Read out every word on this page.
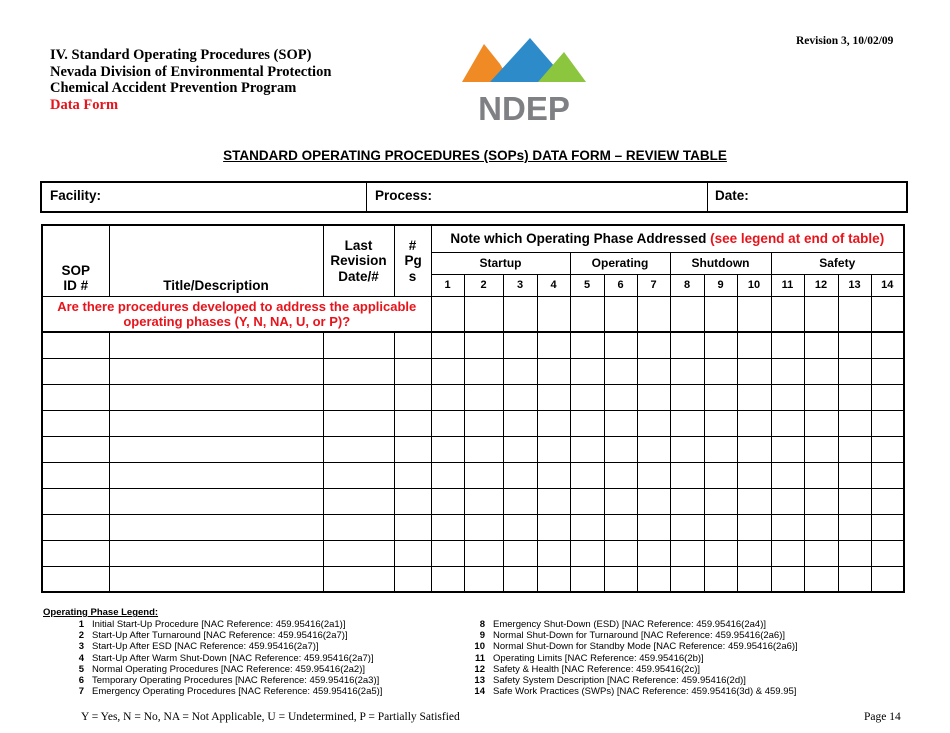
Revision 3, 10/02/09
IV. Standard Operating Procedures (SOP)
Nevada Division of Environmental Protection
Chemical Accident Prevention Program
Data Form	NDEP
STANDARD OPERATING PROCEDURES (SOPs) DATA FORM – REVIEW TABLE
Facility:	Process:	Date:
SOP ID #	Title/Description	Last Revision Date/#	# Pg s	Note which Operating Phase Addressed (see legend at end of table)													
				Startup				Operating			Shutdown			Safety			
				1	2	3	4	5	6	7	8	9	10	11	12	13	14

Are there procedures developed to address the applicable operating phases (Y, N, NA, U, or P)?																	

Operating Phase Legend:
1 Initial Start-Up Procedure [NAC Reference: 459.95416(2a1)]
2 Start-Up After Turnaround [NAC Reference: 459.95416(2a7)]
3 Start-Up After ESD [NAC Reference: 459.95416(2a7)]
4 Start-Up After Warm Shut-Down [NAC Reference: 459.95416(2a7)]
5 Normal Operating Procedures [NAC Reference: 459.95416(2a2)]
6 Temporary Operating Procedures [NAC Reference: 459.95416(2a3)]
7 Emergency Operating Procedures [NAC Reference: 459.95416(2a5)]
8 Emergency Shut-Down (ESD) [NAC Reference: 459.95416(2a4)]
9 Normal Shut-Down for Turnaround [NAC Reference: 459.95416(2a6)]
10 Normal Shut-Down for Standby Mode [NAC Reference: 459.95416(2a6)]
11 Operating Limits [NAC Reference: 459.95416(2b)]
12 Safety & Health [NAC Reference: 459.95416(2c)]
13 Safety System Description [NAC Reference: 459.95416(2d)]
14 Safe Work Practices (SWPs) [NAC Reference: 459.95416(3d) & 459.95]
Y = Yes, N = No, NA = Not Applicable, U = Undetermined, P = Partially Satisfied	Page 14
